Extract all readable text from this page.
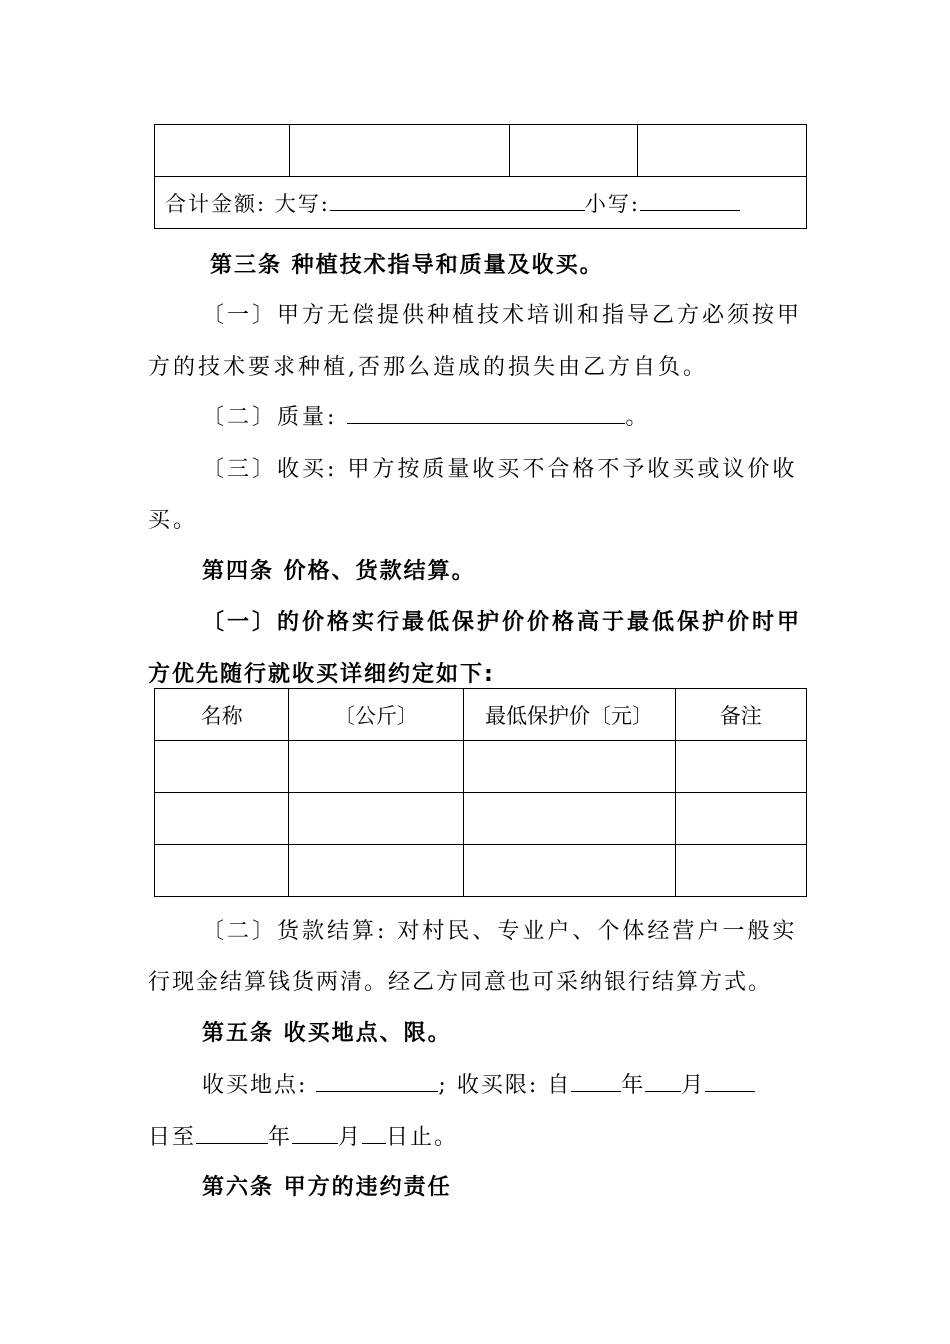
合计金额: 大写:	小写:
第三条 种植技术指导和质量及收买。
〔一〕甲方无偿提供种植技术培训和指导乙方必须按甲
方的技术要求种植,否那么造成的损失由乙方自负。
〔二〕质量:	。
〔三〕收买: 甲方按质量收买不合格不予收买或议价收
买。
第四条 价格、货款结算。
〔一〕的价格实行最低保护价价格高于最低保护价时甲
方优先随行就收买详细约定如下:
名称	〔公斤〕	最低保护价〔元〕	备注

〔二〕货款结算: 对村民、专业户、个体经营户一般实
行现金结算钱货两清。经乙方同意也可采纳银行结算方式。
第五条 收买地点、限。
收买地点:	; 收买限: 自 年 月
日至	年 月 日止。
第六条 甲方的违约责任
